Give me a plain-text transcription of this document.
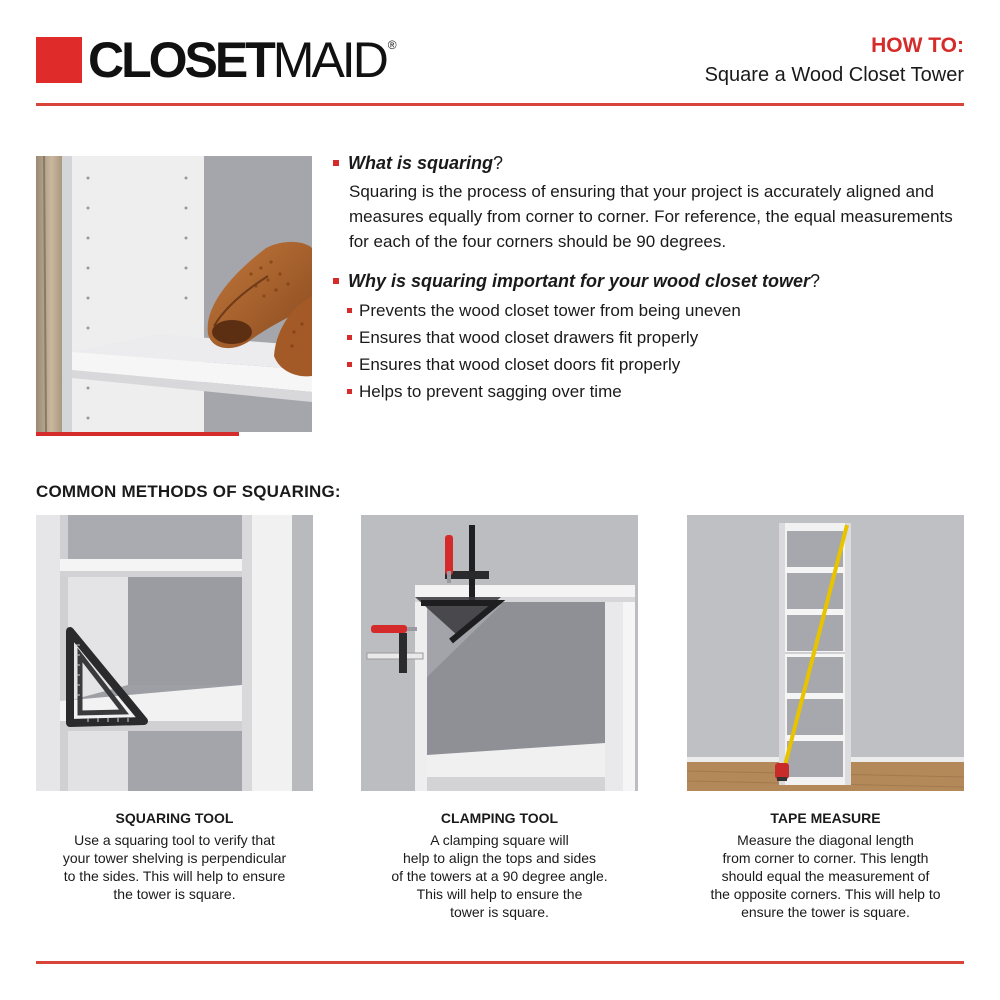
CLOSETMAID ®	HOW TO:
Square a Wood Closet Tower
What is squaring ?

Squaring is the process of ensuring that your project is accurately aligned and measures equally from corner to corner. For reference, the equal measurements for each of the four corners should be 90 degrees.

Why is squaring important for your wood closet tower ?
Prevents the wood closet tower from being uneven
Ensures that wood closet drawers fit properly
Ensures that wood closet doors fit properly
Helps to prevent sagging over time
COMMON METHODS OF SQUARING:
SQUARING TOOL
Use a squaring tool to verify that
your tower shelving is perpendicular
to the sides. This will help to ensure
the tower is square.
CLAMPING TOOL
A clamping square will
help to align the tops and sides
of the towers at a 90 degree angle.
This will help to ensure the
tower is square.
TAPE MEASURE
Measure the diagonal length
from corner to corner. This length
should equal the measurement of
the opposite corners. This will help to
ensure the tower is square.
